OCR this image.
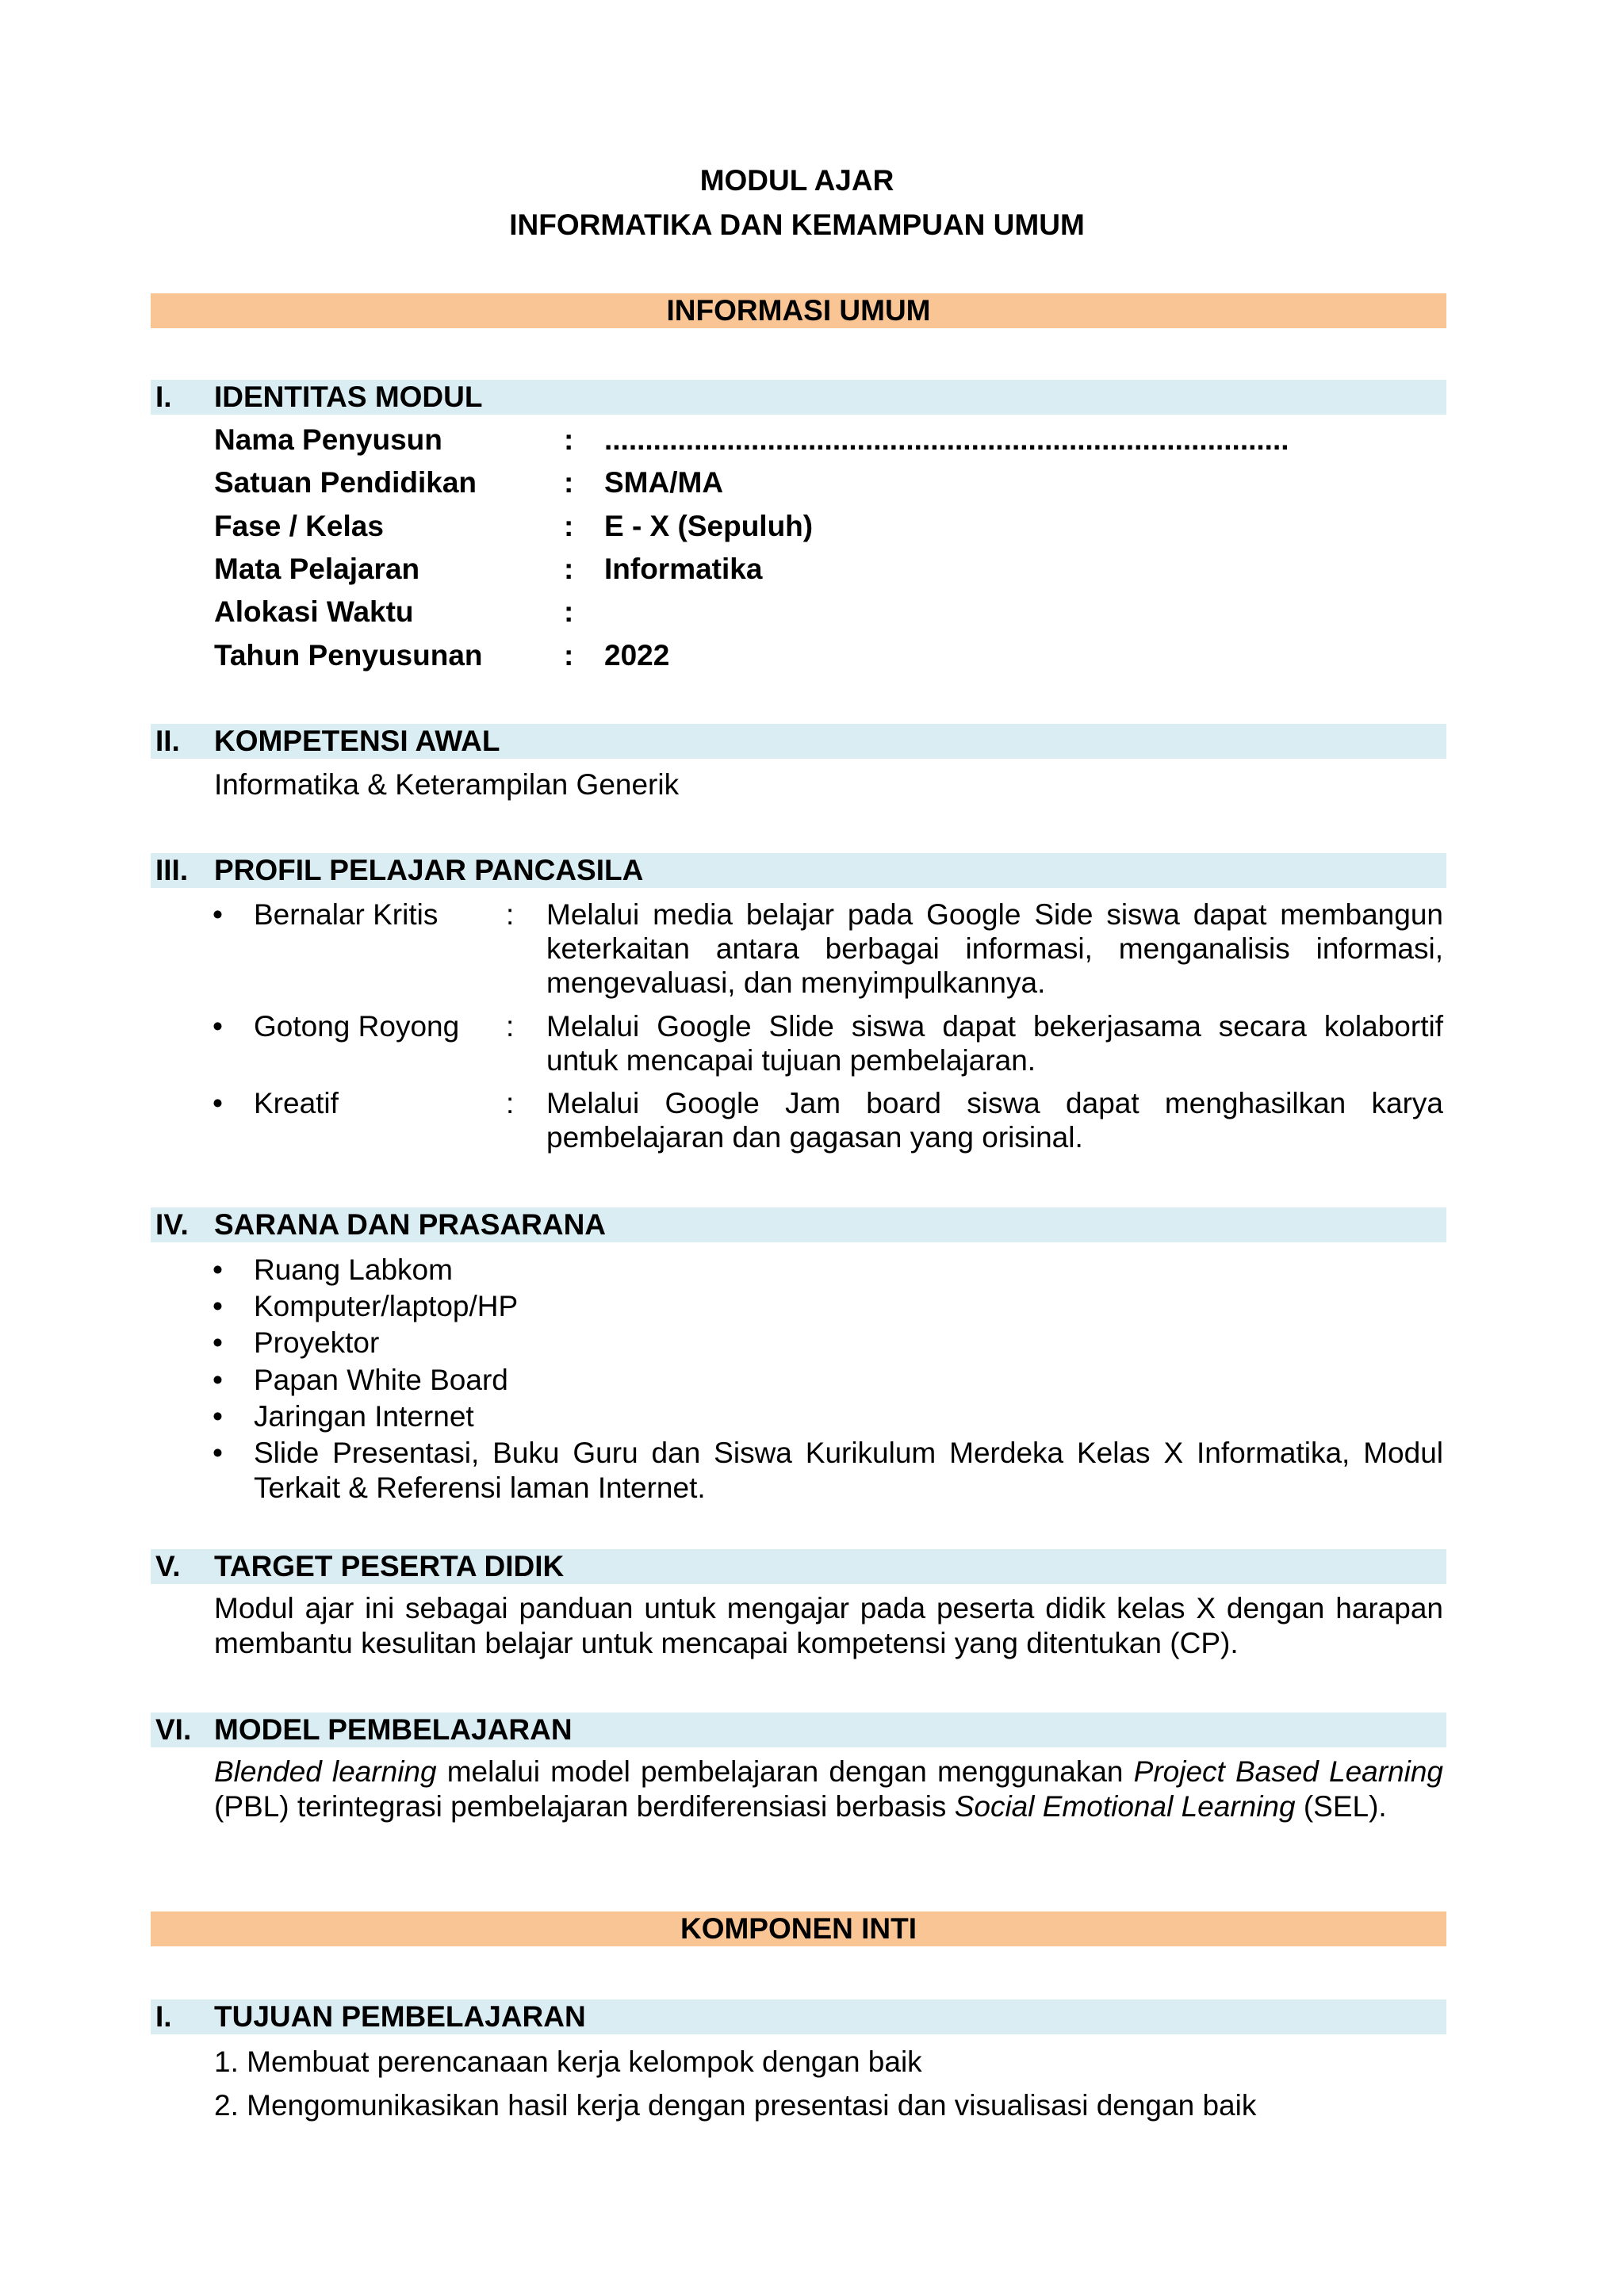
MODUL AJAR
INFORMATIKA DAN KEMAMPUAN UMUM
INFORMASI UMUM
I. IDENTITAS MODUL
Nama Penyusun	: ....................................................................................
Satuan Pendidikan	: SMA/MA
Fase / Kelas	: E - X (Sepuluh)
Mata Pelajaran	: Informatika
Alokasi Waktu	:
Tahun Penyusunan	: 2022
II. KOMPETENSI AWAL
Informatika & Keterampilan Generik
III. PROFIL PELAJAR PANCASILA
• Bernalar Kritis : Melalui media belajar pada Google Side siswa dapat membangun keterkaitan antara berbagai informasi, menganalisis informasi, mengevaluasi, dan menyimpulkannya.
• Gotong Royong : Melalui Google Slide siswa dapat bekerjasama secara kolabortif untuk mencapai tujuan pembelajaran.
• Kreatif	: Melalui Google Jam board siswa dapat menghasilkan karya pembelajaran dan gagasan yang orisinal.
IV. SARANA DAN PRASARANA
• Ruang Labkom
• Komputer/laptop/HP
• Proyektor
• Papan White Board
• Jaringan Internet
• Slide Presentasi, Buku Guru dan Siswa Kurikulum Merdeka Kelas X Informatika, Modul Terkait & Referensi laman Internet.
V. TARGET PESERTA DIDIK
Modul ajar ini sebagai panduan untuk mengajar pada peserta didik kelas X dengan harapan membantu kesulitan belajar untuk mencapai kompetensi yang ditentukan (CP).
VI. MODEL PEMBELAJARAN
Blended learning melalui model pembelajaran dengan menggunakan Project Based Learning (PBL) terintegrasi pembelajaran berdiferensiasi berbasis Social Emotional Learning (SEL).
KOMPONEN INTI
I. TUJUAN PEMBELAJARAN
1. Membuat perencanaan kerja kelompok dengan baik
2. Mengomunikasikan hasil kerja dengan presentasi dan visualisasi dengan baik
